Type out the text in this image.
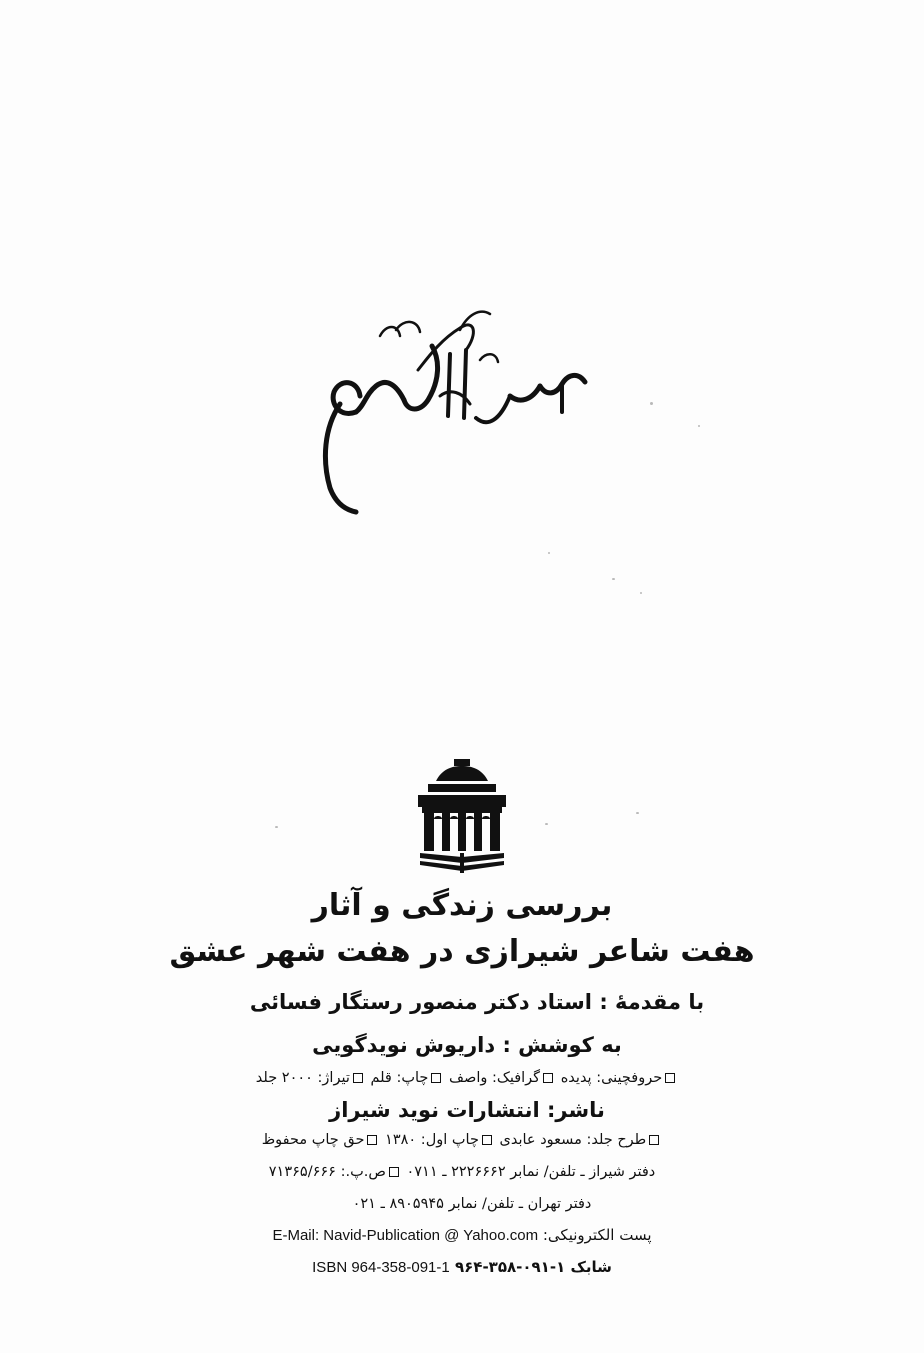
بررسی زندگی و آثار
هفت شاعر شیرازی در هفت شهر عشق
با مقدمهٔ : استاد دکتر منصور رستگار فسائی
به کوشش : داریوش نویدگویی
حروفچینی: پدیده گرافیک: واصف چاپ: قلم تیراژ: ۲۰۰۰ جلد
ناشر: انتشارات نوید شیراز
طرح جلد: مسعود عابدی چاپ اول: ۱۳۸۰ حق چاپ محفوظ
دفتر شیراز ـ تلفن/ نمابر ۲۲۲۶۶۶۲ ـ ۰۷۱۱ ص.پ.: ۷۱۳۶۵/۶۶۶
دفتر تهران ـ تلفن/ نمابر ۸۹۰۵۹۴۵ ـ ۰۲۱
پست الکترونیکی: E-Mail: Navid-Publication @ Yahoo.com
شابک ۱-۰۹۱-۳۵۸-۹۶۴ ISBN 964-358-091-1
